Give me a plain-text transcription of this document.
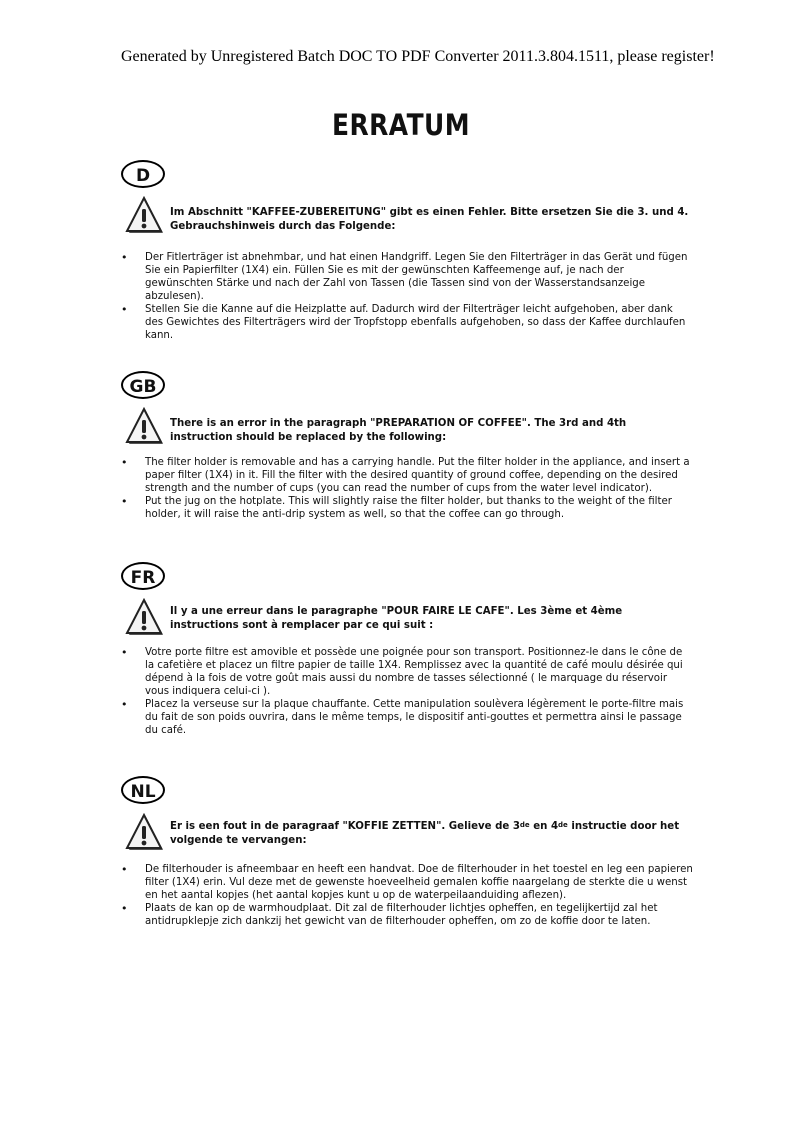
Generated by Unregistered Batch DOC TO PDF Converter 2011.3.804.1511, please register!
ERRATUM
D
Im Abschnitt "KAFFEE-ZUBEREITUNG" gibt es einen Fehler. Bitte ersetzen Sie die 3. und 4. Gebrauchshinweis durch das Folgende:
• Der Fitlerträger ist abnehmbar, und hat einen Handgriff. Legen Sie den Filterträger in das Gerät und fügen Sie ein Papierfilter (1X4) ein. Füllen Sie es mit der gewünschten Kaffeemenge auf, je nach der gewünschten Stärke und nach der Zahl von Tassen (die Tassen sind von der Wasserstandsanzeige abzulesen).
• Stellen Sie die Kanne auf die Heizplatte auf. Dadurch wird der Filterträger leicht aufgehoben, aber dank des Gewichtes des Filterträgers wird der Tropfstopp ebenfalls aufgehoben, so dass der Kaffee durchlaufen kann.
GB
There is an error in the paragraph "PREPARATION OF COFFEE". The 3rd and 4th instruction should be replaced by the following:
• The filter holder is removable and has a carrying handle. Put the filter holder in the appliance, and insert a paper filter (1X4) in it. Fill the filter with the desired quantity of ground coffee, depending on the desired strength and the number of cups (you can read the number of cups from the water level indicator).
• Put the jug on the hotplate. This will slightly raise the filter holder, but thanks to the weight of the filter holder, it will raise the anti-drip system as well, so that the coffee can go through.
FR
Il y a une erreur dans le paragraphe "POUR FAIRE LE CAFE". Les 3ème et 4ème instructions sont à remplacer par ce qui suit :
• Votre porte filtre est amovible et possède une poignée pour son transport. Positionnez-le dans le cône de la cafetière et placez un filtre papier de taille 1X4. Remplissez avec la quantité de café moulu désirée qui dépend à la fois de votre goût mais aussi du nombre de tasses sélectionné ( le marquage du réservoir vous indiquera celui-ci ).
• Placez la verseuse sur la plaque chauffante. Cette manipulation soulèvera légèrement le porte-filtre mais du fait de son poids ouvrira, dans le même temps, le dispositif anti-gouttes et permettra ainsi le passage du café.
NL
Er is een fout in de paragraaf "KOFFIE ZETTEN". Gelieve de 3de en 4de instructie door het volgende te vervangen:
• De filterhouder is afneembaar en heeft een handvat. Doe de filterhouder in het toestel en leg een papieren filter (1X4) erin. Vul deze met de gewenste hoeveelheid gemalen koffie naargelang de sterkte die u wenst en het aantal kopjes (het aantal kopjes kunt u op de waterpeilaanduiding aflezen).
• Plaats de kan op de warmhoudplaat. Dit zal de filterhouder lichtjes opheffen, en tegelijkertijd zal het antidrupklepje zich dankzij het gewicht van de filterhouder opheffen, om zo de koffie door te laten.
